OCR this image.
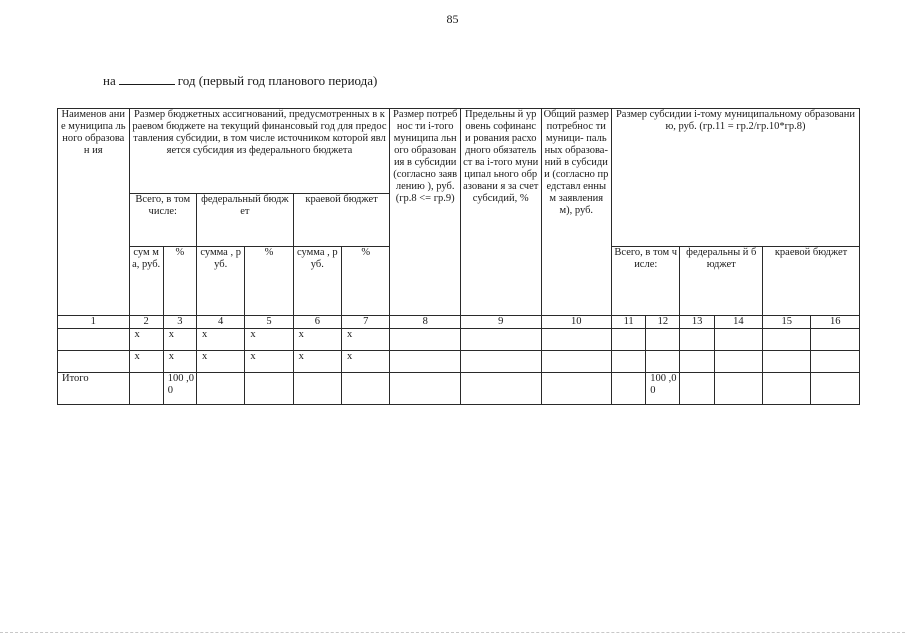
85
на	год (первый год планового периода)
Наименов ание муниципа льного образован ия	Размер бюджетных ассигнований, предусмотренных в краевом бюджете на текущий финансовый год для предоставления субсидии, в том числе источником которой является субсидия из федерального бюджета						Размер потребнос ти i-того муниципа льного образован ия в субсидии (согласно заявлению ), руб. (гр.8 <= гр.9)	Предельны й уровень софинанси рования расходного обязательст ва i-того муниципал ьного образовани я за счет субсидий, %	Общий размер потребнос ти муници- пальных образова- ний в субсидии (согласно представл енным заявления м), руб.	Размер субсидии i-тому муниципальному образованию, руб. (гр.11 = гр.2/гр.10*гр.8)					
	Всего, в том числе:		федеральный бюджет		краевой бюджет										
	сум ма, руб.	%	сумма , руб.	%	сумма , руб.	%				Всего, в том числе:		федеральны й бюджет		краевой бюджет	
1	2	3	4	5	6	7	8	9	10	11	12	13	14	15	16
	x	x	x	x	x	x									
	x	x	x	x	x	x									
Итого		100 ,00									100 ,00				
